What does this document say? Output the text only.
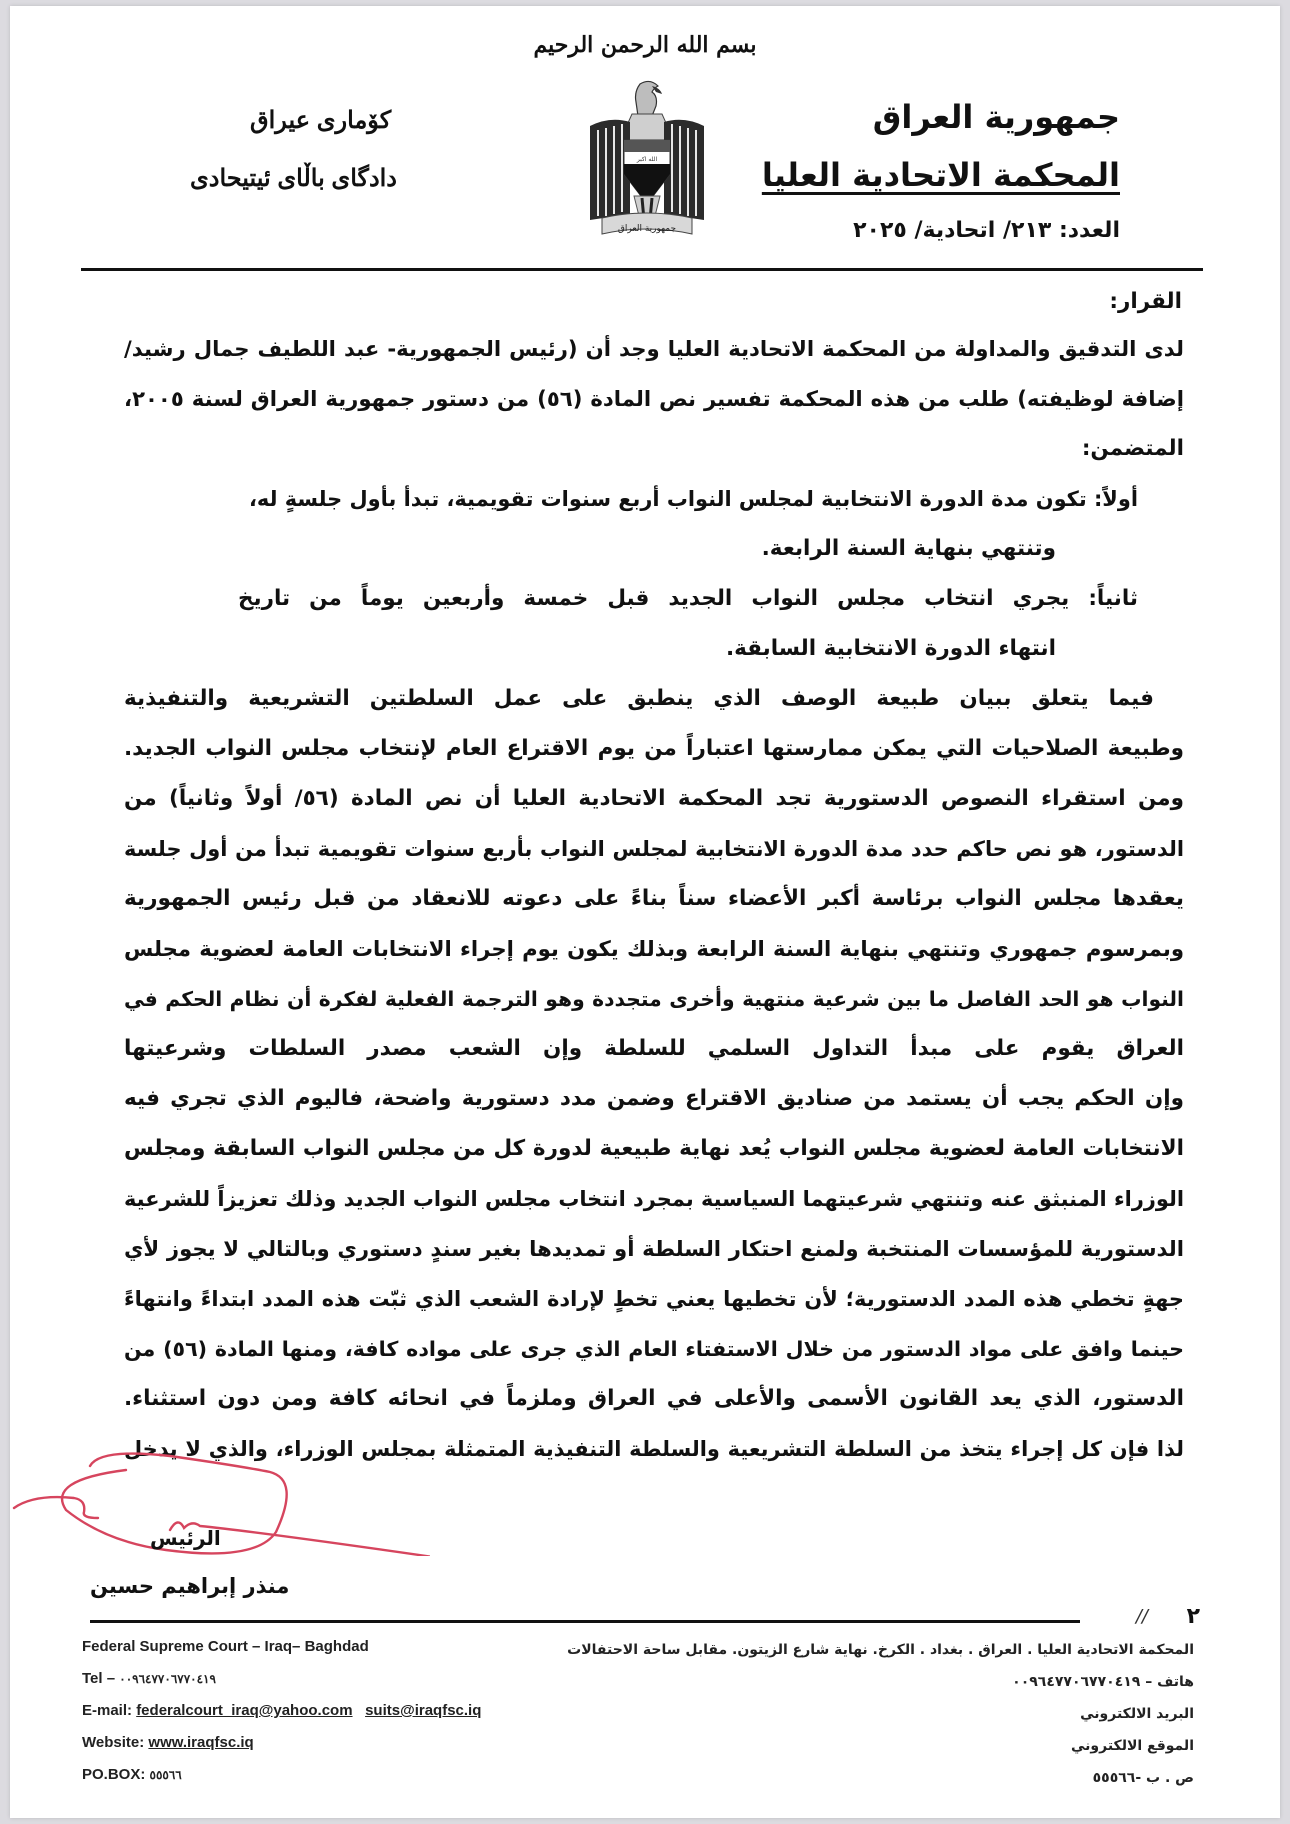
بسم الله الرحمن الرحيم
جمهورية العراق
المحكمة الاتحادية العليا
العدد: ٢١٣/ اتحادية/ ٢٠٢٥
كۆمارى عيراق
دادگای باڵای ئیتیحادی
الله اكبر
جمهورية العراق
القرار:
لدى التدقيق والمداولة من المحكمة الاتحادية العليا وجد أن (رئيس الجمهورية- عبد اللطيف جمال رشيد/
إضافة لوظيفته) طلب من هذه المحكمة تفسير نص المادة (٥٦) من دستور جمهورية العراق لسنة ٢٠٠٥،
المتضمن:
أولاً: تكون مدة الدورة الانتخابية لمجلس النواب أربع سنوات تقويمية، تبدأ بأول جلسةٍ له،
وتنتهي بنهاية السنة الرابعة.
ثانياً: يجري انتخاب مجلس النواب الجديد قبل خمسة وأربعين يوماً من تاريخ
انتهاء الدورة الانتخابية السابقة.
فيما يتعلق ببيان طبيعة الوصف الذي ينطبق على عمل السلطتين التشريعية والتنفيذية
وطبيعة الصلاحيات التي يمكن ممارستها اعتباراً من يوم الاقتراع العام لإنتخاب مجلس النواب الجديد.
ومن استقراء النصوص الدستورية تجد المحكمة الاتحادية العليا أن نص المادة (٥٦/ أولاً وثانياً) من
الدستور، هو نص حاكم حدد مدة الدورة الانتخابية لمجلس النواب بأربع سنوات تقويمية تبدأ من أول جلسة
يعقدها مجلس النواب برئاسة أكبر الأعضاء سناً بناءً على دعوته للانعقاد من قبل رئيس الجمهورية
وبمرسوم جمهوري وتنتهي بنهاية السنة الرابعة وبذلك يكون يوم إجراء الانتخابات العامة لعضوية مجلس
النواب هو الحد الفاصل ما بين شرعية منتهية وأخرى متجددة وهو الترجمة الفعلية لفكرة أن نظام الحكم في
العراق يقوم على مبدأ التداول السلمي للسلطة وإن الشعب مصدر السلطات وشرعيتها
وإن الحكم يجب أن يستمد من صناديق الاقتراع وضمن مدد دستورية واضحة، فاليوم الذي تجري فيه
الانتخابات العامة لعضوية مجلس النواب يُعد نهاية طبيعية لدورة كل من مجلس النواب السابقة ومجلس
الوزراء المنبثق عنه وتنتهي شرعيتهما السياسية بمجرد انتخاب مجلس النواب الجديد وذلك تعزيزاً للشرعية
الدستورية للمؤسسات المنتخبة ولمنع احتكار السلطة أو تمديدها بغير سندٍ دستوري وبالتالي لا يجوز لأي
جهةٍ تخطي هذه المدد الدستورية؛ لأن تخطيها يعني تخطٍ لإرادة الشعب الذي ثبّت هذه المدد ابتداءً وانتهاءً
حينما وافق على مواد الدستور من خلال الاستفتاء العام الذي جرى على مواده كافة، ومنها المادة (٥٦) من
الدستور، الذي يعد القانون الأسمى والأعلى في العراق وملزماً في انحائه كافة ومن دون استثناء.
لذا فإن كل إجراء يتخذ من السلطة التشريعية والسلطة التنفيذية المتمثلة بمجلس الوزراء، والذي لا يدخل
الرئيس
منذر إبراهيم حسين
٢
//
Federal Supreme Court – Iraq– Baghdad
Tel – ٠٠٩٦٤٧٧٠٦٧٧٠٤١٩
E-mail: federalcourt_iraq@yahoo.com suits@iraqfsc.iq
Website: www.iraqfsc.iq
PO.BOX: ٥٥٥٦٦
المحكمة الاتحادية العليا . العراق . بغداد . الكرخ. نهاية شارع الزيتون. مقابل ساحة الاحتفالات
هاتف – ٠٠٩٦٤٧٧٠٦٧٧٠٤١٩
البريد الالكتروني
الموقع الالكتروني
ص . ب -٥٥٥٦٦
